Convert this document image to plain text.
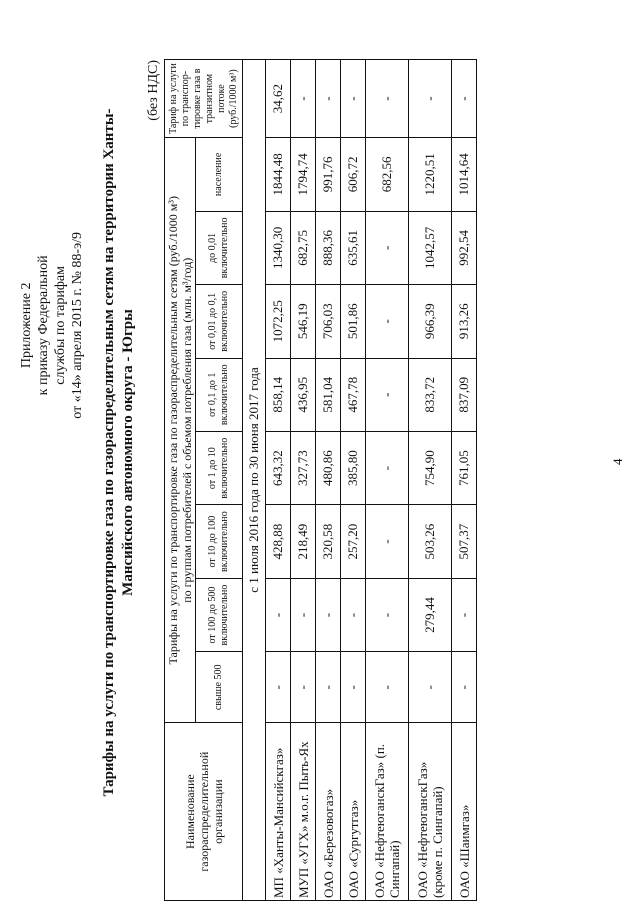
Приложение 2 к приказу Федеральной службы по тарифам от «14» апреля 2015 г. № 88-э/9 Тарифы на услуги по транспортировке газа по газораспределительным сетям на территории Ханты- Мансийского автономного округа - Югры
(без НДС)
Наименование газораспределительной организации	Тарифы на услуги по транспортировке газа по газораспределительным сетям (руб./1000 м³) по группам потребителей с объемом потребления газа (млн. м³/год)								Тариф на услуги по транспор-тировке газа в транзитном потоке (руб./1000 м³)
	свыше 500	от 100 до 500 включительно	от 10 до 100 включительно	от 1 до 10 включительно	от 0,1 до 1 включительно	от 0,01 до 0,1 включительно	до 0,01 включительно	население	

с 1 июля 2016 года по 30 июня 2017 года									
МП «Ханты-Мансийскгаз»	-	-	428,88	643,32	858,14	1072,25	1340,30	1844,48	34,62
МУП «УГХ» м.о.г. Пыть-Ях	-	-	218,49	327,73	436,95	546,19	682,75	1794,74	-
ОАО «Березовогаз»	-	-	320,58	480,86	581,04	706,03	888,36	991,76	-
ОАО «Сургутгаз»	-	-	257,20	385,80	467,78	501,86	635,61	606,72	-
ОАО «НефтеюганскГаз» (п. Сингапай)	-	-	-	-	-	-	-	682,56	-
ОАО «НефтеюганскГаз» (кроме п. Сингапай)	-	279,44	503,26	754,90	833,72	966,39	1042,57	1220,51	-
ОАО «Шаимгаз»	-	-	507,37	761,05	837,09	913,26	992,54	1014,64	-
4
